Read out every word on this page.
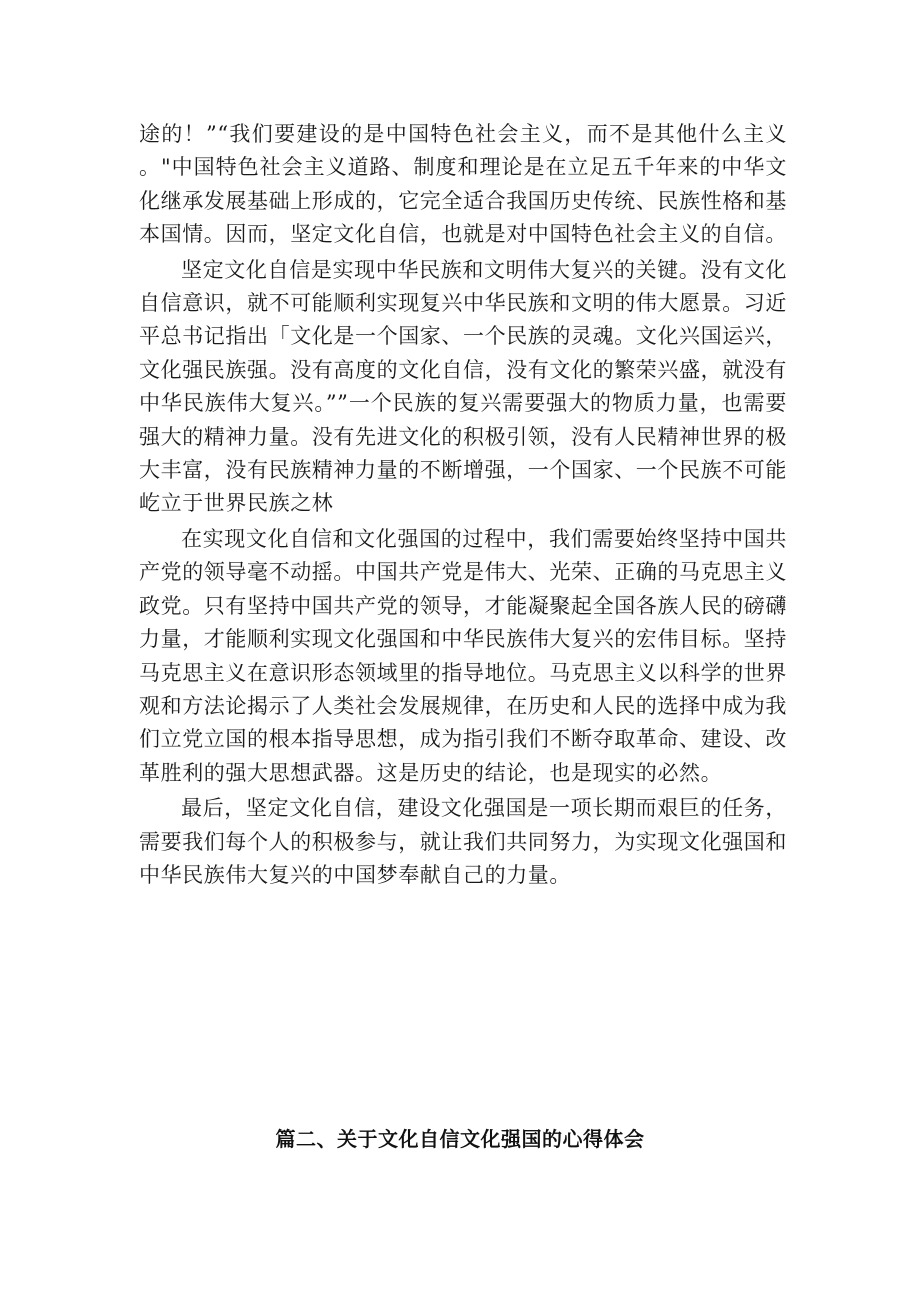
途的！”“我们要建设的是中国特色社会主义，而不是其他什么主义。"中国特色社会主义道路、制度和理论是在立足五千年来的中华文化继承发展基础上形成的，它完全适合我国历史传统、民族性格和基本国情。因而，坚定文化自信，也就是对中国特色社会主义的自信。

坚定文化自信是实现中华民族和文明伟大复兴的关键。没有文化自信意识，就不可能顺利实现复兴中华民族和文明的伟大愿景。习近平总书记指出「文化是一个国家、一个民族的灵魂。文化兴国运兴，文化强民族强。没有高度的文化自信，没有文化的繁荣兴盛，就没有中华民族伟大复兴。””一个民族的复兴需要强大的物质力量，也需要强大的精神力量。没有先进文化的积极引领，没有人民精神世界的极大丰富，没有民族精神力量的不断增强，一个国家、一个民族不可能屹立于世界民族之林

在实现文化自信和文化强国的过程中，我们需要始终坚持中国共产党的领导毫不动摇。中国共产党是伟大、光荣、正确的马克思主义政党。只有坚持中国共产党的领导，才能凝聚起全国各族人民的磅礴力量，才能顺利实现文化强国和中华民族伟大复兴的宏伟目标。坚持马克思主义在意识形态领域里的指导地位。马克思主义以科学的世界观和方法论揭示了人类社会发展规律，在历史和人民的选择中成为我们立党立国的根本指导思想，成为指引我们不断夺取革命、建设、改革胜利的强大思想武器。这是历史的结论，也是现实的必然。

最后，坚定文化自信，建设文化强国是一项长期而艰巨的任务，需要我们每个人的积极参与，就让我们共同努力，为实现文化强国和中华民族伟大复兴的中国梦奉献自己的力量。

篇二、关于文化自信文化强国的心得体会
